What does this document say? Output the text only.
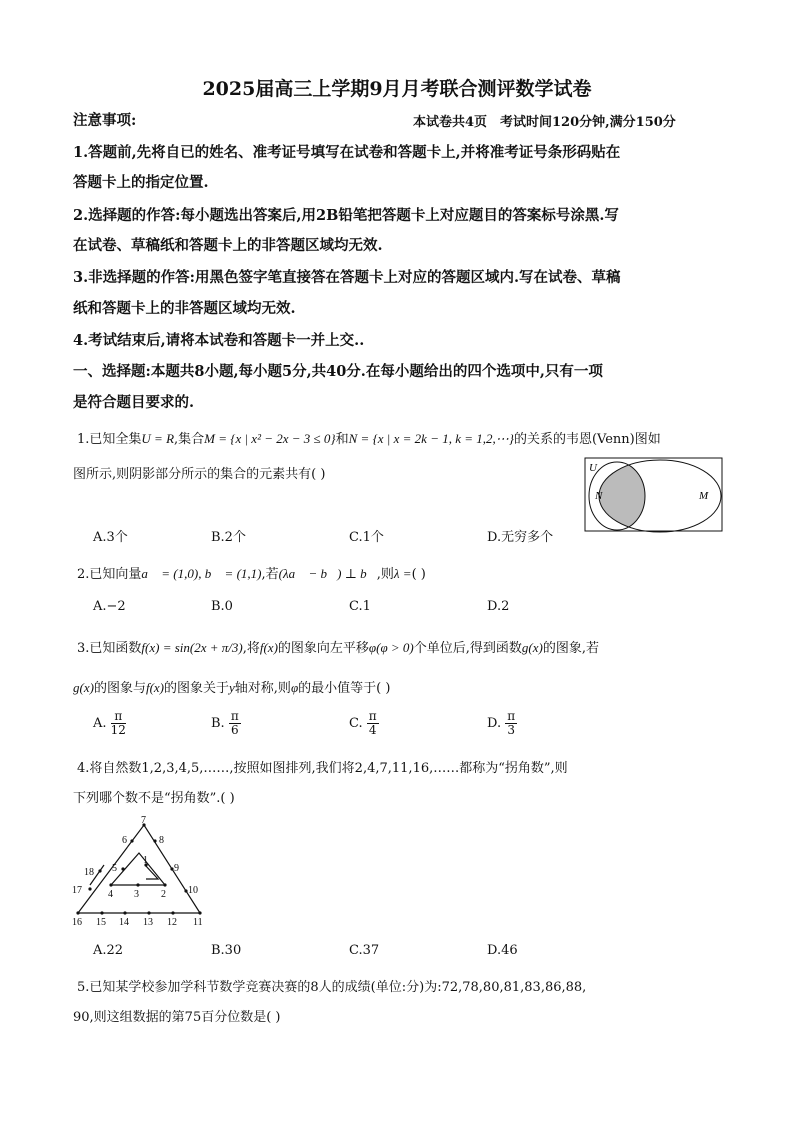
2025届高三上学期9月月考联合测评数学试卷
注意事项:	本试卷共4页 考试时间120分钟,满分150分
1.答题前,先将自已的姓名、准考证号填写在试卷和答题卡上,并将准考证号条形码贴在
答题卡上的指定位置.
2.选择题的作答:每小题选出答案后,用2B铅笔把答题卡上对应题目的答案标号涂黑.写
在试卷、草稿纸和答题卡上的非答题区域均无效.
3.非选择题的作答:用黑色签字笔直接答在答题卡上对应的答题区域内.写在试卷、草稿
纸和答题卡上的非答题区域均无效.
4.考试结束后,请将本试卷和答题卡一并上交..
一、选择题:本题共8小题,每小题5分,共40分.在每小题给出的四个选项中,只有一项
是符合题目要求的.
1.已知全集U = R,集合M = {x | x² − 2x − 3 ≤ 0}和N = {x | x = 2k − 1, k = 1,2,⋯}的关系的韦恩(Venn)图如
图所示,则阴影部分所示的集合的元素共有( )	U
N	M
A.3个	B.2个	C.1个	D.无穷多个
2.已知向量a⃗ = (1,0), b⃗ = (1,1),若(λa⃗ − b⃗) ⊥ b⃗,则λ =( )
A.−2	B.0	C.1	D.2
3.已知函数f(x) = sin(2x + π/3),将f(x)的图象向左平移φ(φ > 0)个单位后,得到函数g(x)的图象,若
g(x)的图象与f(x)的图象关于y轴对称,则φ的最小值等于( )
A. $\frac{\pi}{12}$	B. $\frac{\pi}{6}$	C. $\frac{\pi}{4}$	D. $\frac{\pi}{3}$
4.将自然数1,2,3,4,5,……,按照如图排列,我们将2,4,7,11,16,……都称为“拐角数”,则
下列哪个数不是“拐角数”.( )
7
6	8
5
1
9
4 3 2 10
18
17
16 15 14 13 12 11
A.22	B.30	C.37	D.46
5.已知某学校参加学科节数学竞赛决赛的8人的成绩(单位:分)为:72,78,80,81,83,86,88,
90,则这组数据的第75百分位数是( )
